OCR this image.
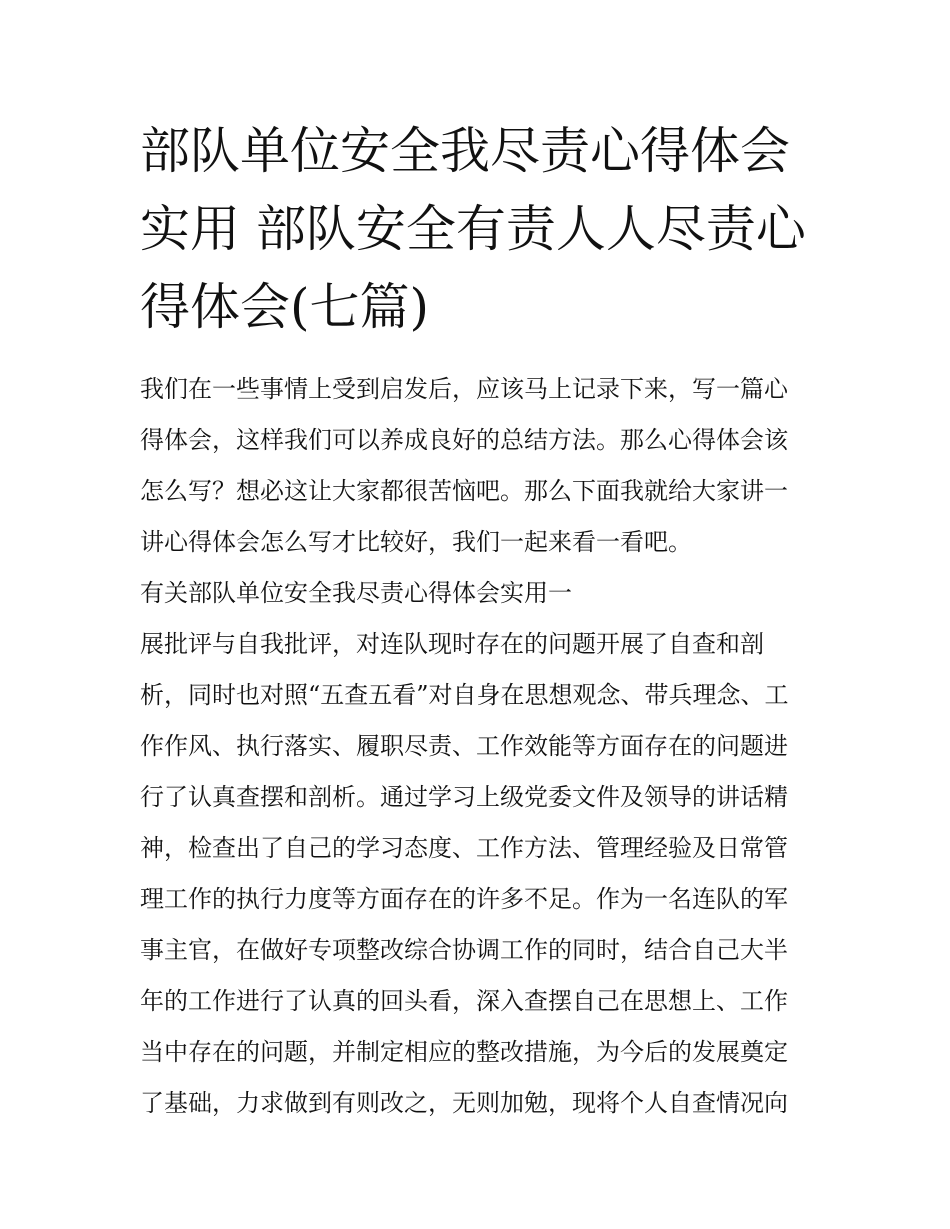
部队单位安全我尽责心得体会
实用 部队安全有责人人尽责心
得体会(七篇)
我们在一些事情上受到启发后，应该马上记录下来，写一篇心
得体会，这样我们可以养成良好的总结方法。那么心得体会该
怎么写？想必这让大家都很苦恼吧。那么下面我就给大家讲一
讲心得体会怎么写才比较好，我们一起来看一看吧。
有关部队单位安全我尽责心得体会实用一
展批评与自我批评，对连队现时存在的问题开展了自查和剖
析，同时也对照“五查五看”对自身在思想观念、带兵理念、工
作作风、执行落实、履职尽责、工作效能等方面存在的问题进
行了认真查摆和剖析。通过学习上级党委文件及领导的讲话精
神，检查出了自己的学习态度、工作方法、管理经验及日常管
理工作的执行力度等方面存在的许多不足。作为一名连队的军
事主官，在做好专项整改综合协调工作的同时，结合自己大半
年的工作进行了认真的回头看，深入查摆自己在思想上、工作
当中存在的问题，并制定相应的整改措施，为今后的发展奠定
了基础，力求做到有则改之，无则加勉，现将个人自查情况向
